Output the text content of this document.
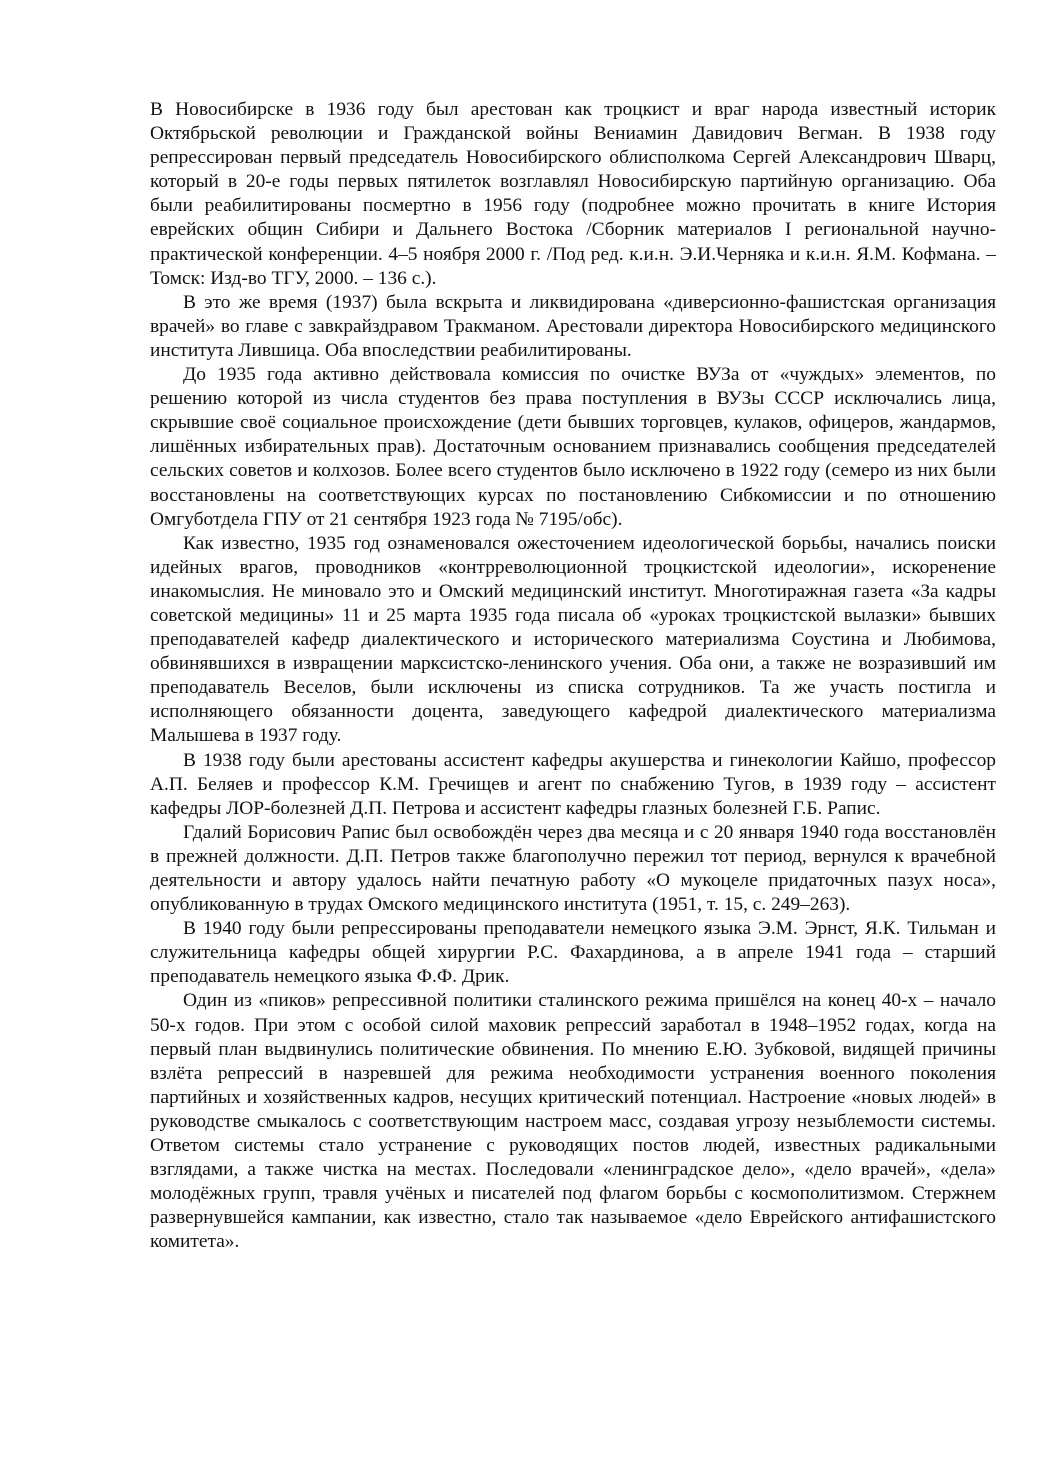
В Новосибирске в 1936 году был арестован как троцкист и враг народа известный историк Октябрьской революции и Гражданской войны Вениамин Давидович Вегман. В 1938 году репрессирован первый председатель Новосибирского облисполкома Сергей Александрович Шварц, который в 20-е годы первых пятилеток возглавлял Новосибирскую партийную организацию. Оба были реабилитированы посмертно в 1956 году (подробнее можно прочитать в книге История еврейских общин Сибири и Дальнего Востока /Сборник материалов I региональной научно-практической конференции. 4–5 ноября 2000 г. /Под ред. к.и.н. Э.И.Черняка и к.и.н. Я.М. Кофмана. – Томск: Изд-во ТГУ, 2000. – 136 с.).

В это же время (1937) была вскрыта и ликвидирована «диверсионно-фашистская организация врачей» во главе с завкрайздравом Тракманом. Арестовали директора Новосибирского медицинского института Лившица. Оба впоследствии реабилитированы.

До 1935 года активно действовала комиссия по очистке ВУЗа от «чуждых» элементов, по решению которой из числа студентов без права поступления в ВУЗы СССР исключались лица, скрывшие своё социальное происхождение (дети бывших торговцев, кулаков, офицеров, жандармов, лишённых избирательных прав). Достаточным основанием признавались сообщения председателей сельских советов и колхозов. Более всего студентов было исключено в 1922 году (семеро из них были восстановлены на соответствующих курсах по постановлению Сибкомиссии и по отношению Омгуботдела ГПУ от 21 сентября 1923 года № 7195/обс).

Как известно, 1935 год ознаменовался ожесточением идеологической борьбы, начались поиски идейных врагов, проводников «контрреволюционной троцкистской идеологии», искоренение инакомыслия. Не миновало это и Омский медицинский институт. Многотиражная газета «За кадры советской медицины» 11 и 25 марта 1935 года писала об «уроках троцкистской вылазки» бывших преподавателей кафедр диалектического и исторического материализма Соустина и Любимова, обвинявшихся в извращении марксистско-ленинского учения. Оба они, а также не возразивший им преподаватель Веселов, были исключены из списка сотрудников. Та же участь постигла и исполняющего обязанности доцента, заведующего кафедрой диалектического материализма Малышева в 1937 году.

В 1938 году были арестованы ассистент кафедры акушерства и гинекологии Кайшо, профессор А.П. Беляев и профессор К.М. Гречищев и агент по снабжению Тугов, в 1939 году – ассистент кафедры ЛОР-болезней Д.П. Петрова и ассистент кафедры глазных болезней Г.Б. Рапис.

Гдалий Борисович Рапис был освобождён через два месяца и с 20 января 1940 года восстановлён в прежней должности. Д.П. Петров также благополучно пережил тот период, вернулся к врачебной деятельности и автору удалось найти печатную работу «О мукоцеле придаточных пазух носа», опубликованную в трудах Омского медицинского института (1951, т. 15, с. 249–263).

В 1940 году были репрессированы преподаватели немецкого языка Э.М. Эрнст, Я.К. Тильман и служительница кафедры общей хирургии Р.С. Фахардинова, а в апреле 1941 года – старший преподаватель немецкого языка Ф.Ф. Дрик.

Один из «пиков» репрессивной политики сталинского режима пришёлся на конец 40-х – начало 50-х годов. При этом с особой силой маховик репрессий заработал в 1948–1952 годах, когда на первый план выдвинулись политические обвинения. По мнению Е.Ю. Зубковой, видящей причины взлёта репрессий в назревшей для режима необходимости устранения военного поколения партийных и хозяйственных кадров, несущих критический потенциал. Настроение «новых людей» в руководстве смыкалось с соответствующим настроем масс, создавая угрозу незыблемости системы. Ответом системы стало устранение с руководящих постов людей, известных радикальными взглядами, а также чистка на местах. Последовали «ленинградское дело», «дело врачей», «дела» молодёжных групп, травля учёных и писателей под флагом борьбы с космополитизмом. Стержнем развернувшейся кампании, как известно, стало так называемое «дело Еврейского антифашистского комитета».
